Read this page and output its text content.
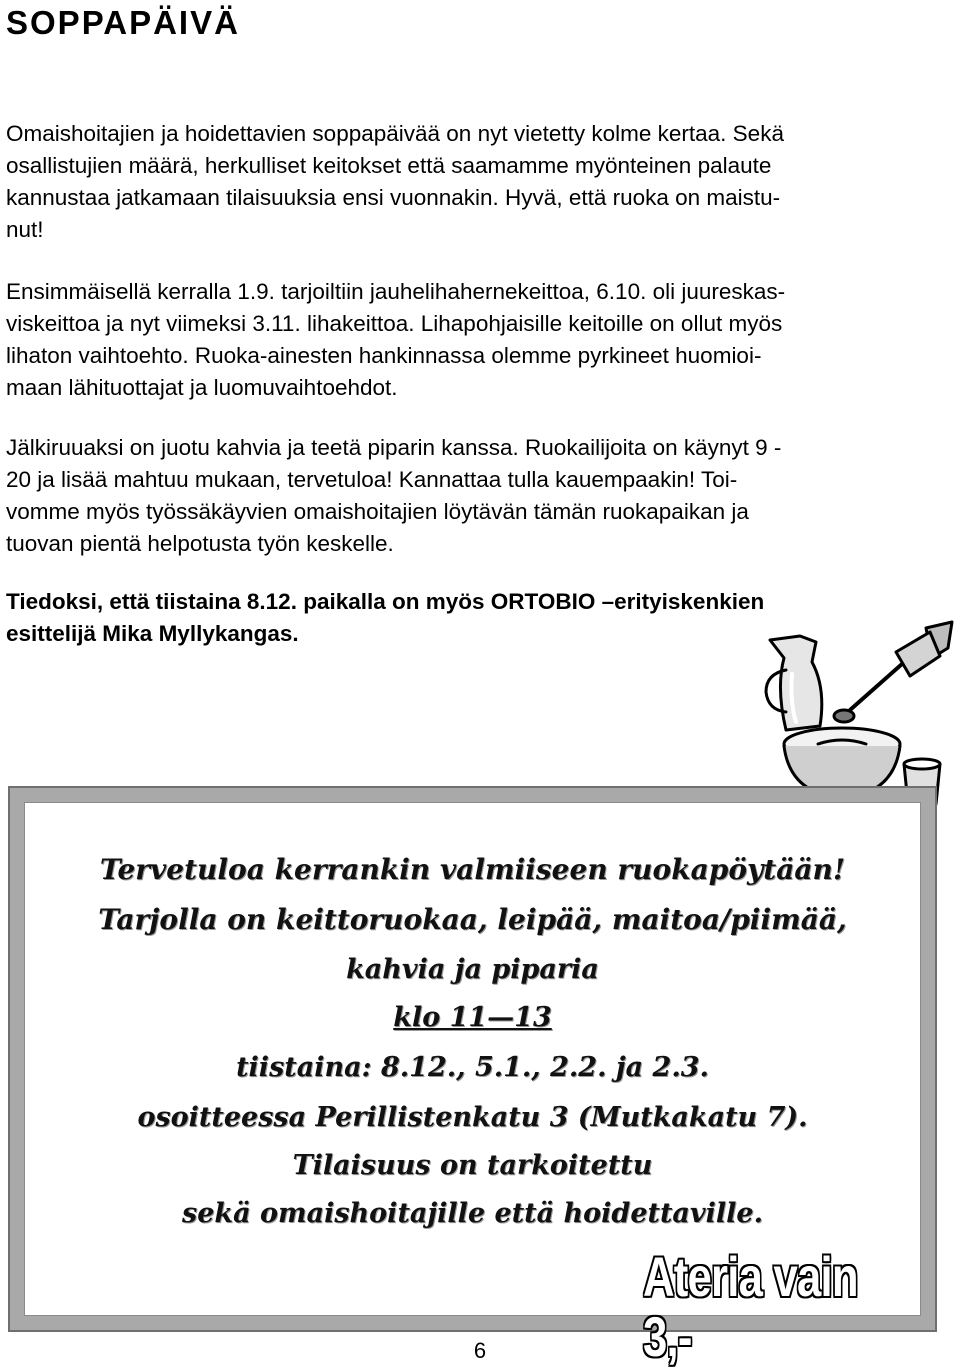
SOPPAPÄIVÄ

Omaishoitajien ja hoidettavien soppapäivää on nyt vietetty kolme kertaa. Sekä
osallistujien määrä, herkulliset keitokset että saamamme myönteinen palaute
kannustaa jatkamaan tilaisuuksia ensi vuonnakin. Hyvä, että ruoka on maistu-
nut!

Ensimmäisellä kerralla 1.9. tarjoiltiin jauhelihahernekeittoa, 6.10. oli juureskas-
viskeittoa ja nyt viimeksi 3.11. lihakeittoa. Lihapohjaisille keitoille on ollut myös
lihaton vaihtoehto. Ruoka-ainesten hankinnassa olemme pyrkineet huomioi-
maan lähituottajat ja luomuvaihtoehdot.

Jälkiruuaksi on juotu kahvia ja teetä piparin kanssa. Ruokailijoita on käynyt 9 -
20 ja lisää mahtuu mukaan, tervetuloa! Kannattaa tulla kauempaakin! Toi-
vomme myös työssäkäyvien omaishoitajien löytävän tämän ruokapaikan ja
tuovan pientä helpotusta työn keskelle.

Tiedoksi, että tiistaina 8.12. paikalla on myös ORTOBIO –erityiskenkien
esittelijä Mika Myllykangas.

Tervetuloa kerrankin valmiiseen ruokapöytään!

Tarjolla on keittoruokaa, leipää, maitoa/piimää,

kahvia ja piparia

klo 11—13

tiistaina: 8.12., 5.1., 2.2. ja 2.3.

osoitteessa Perillistenkatu 3 (Mutkakatu 7).

Tilaisuus on tarkoitettu

sekä omaishoitajille että hoidettaville.

Ateria vain 3,-

6
